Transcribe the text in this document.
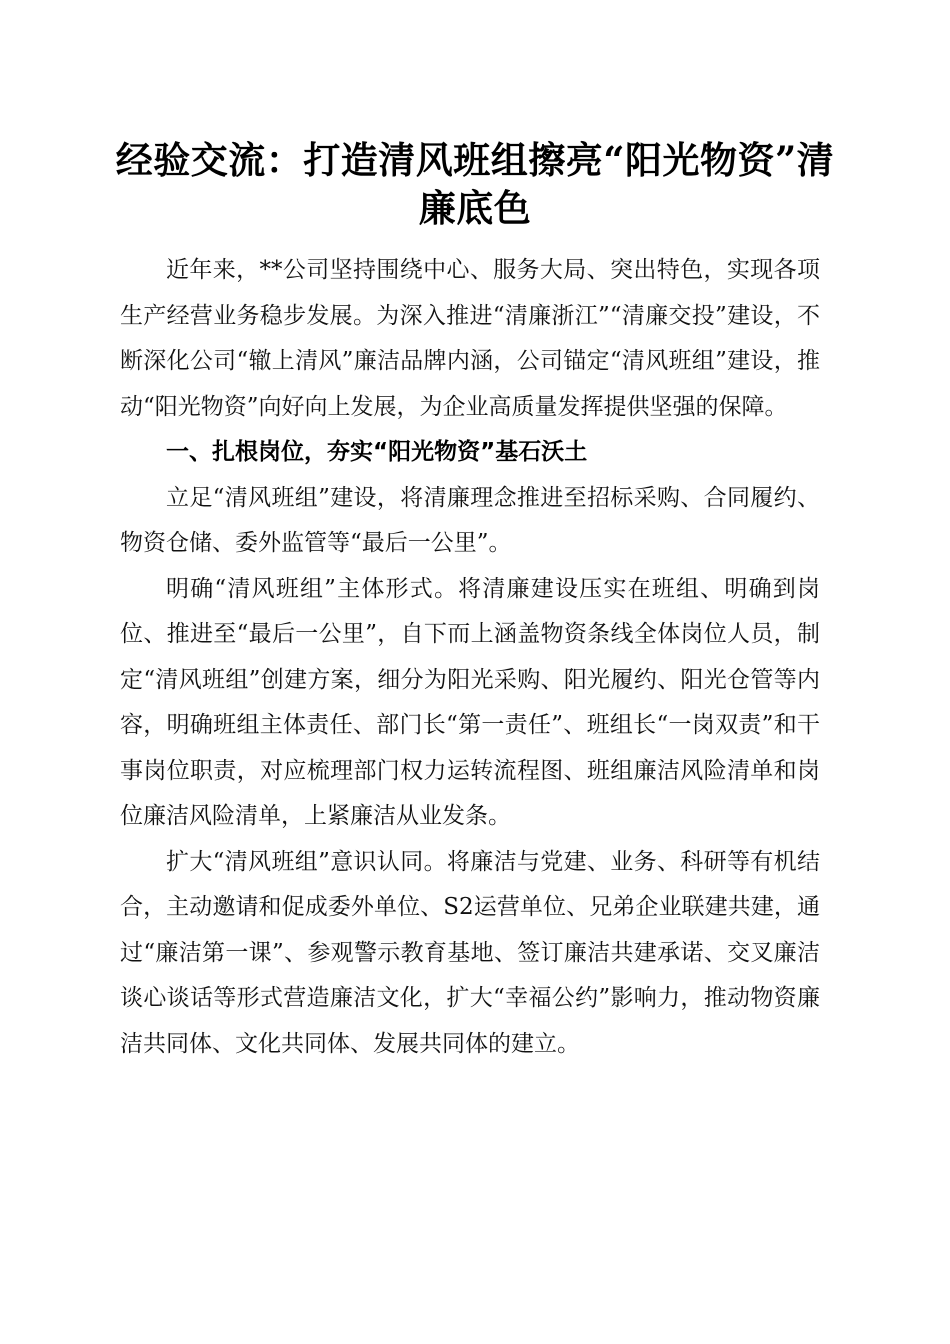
经验交流：打造清风班组擦亮“阳光物资”清廉底色

近年来，**公司坚持围绕中心、服务大局、突出特色，实现各项生产经营业务稳步发展。为深入推进“清廉浙江”“清廉交投”建设，不断深化公司“辙上清风”廉洁品牌内涵，公司锚定“清风班组”建设，推动“阳光物资”向好向上发展，为企业高质量发挥提供坚强的保障。

一、扎根岗位，夯实“阳光物资”基石沃土

立足“清风班组”建设，将清廉理念推进至招标采购、合同履约、物资仓储、委外监管等“最后一公里”。

明确“清风班组”主体形式。将清廉建设压实在班组、明确到岗位、推进至“最后一公里”，自下而上涵盖物资条线全体岗位人员，制定“清风班组”创建方案，细分为阳光采购、阳光履约、阳光仓管等内容，明确班组主体责任、部门长“第一责任”、班组长“一岗双责”和干事岗位职责，对应梳理部门权力运转流程图、班组廉洁风险清单和岗位廉洁风险清单，上紧廉洁从业发条。

扩大“清风班组”意识认同。将廉洁与党建、业务、科研等有机结合，主动邀请和促成委外单位、S2运营单位、兄弟企业联建共建，通过“廉洁第一课”、参观警示教育基地、签订廉洁共建承诺、交叉廉洁谈心谈话等形式营造廉洁文化，扩大“幸福公约”影响力，推动物资廉洁共同体、文化共同体、发展共同体的建立。
